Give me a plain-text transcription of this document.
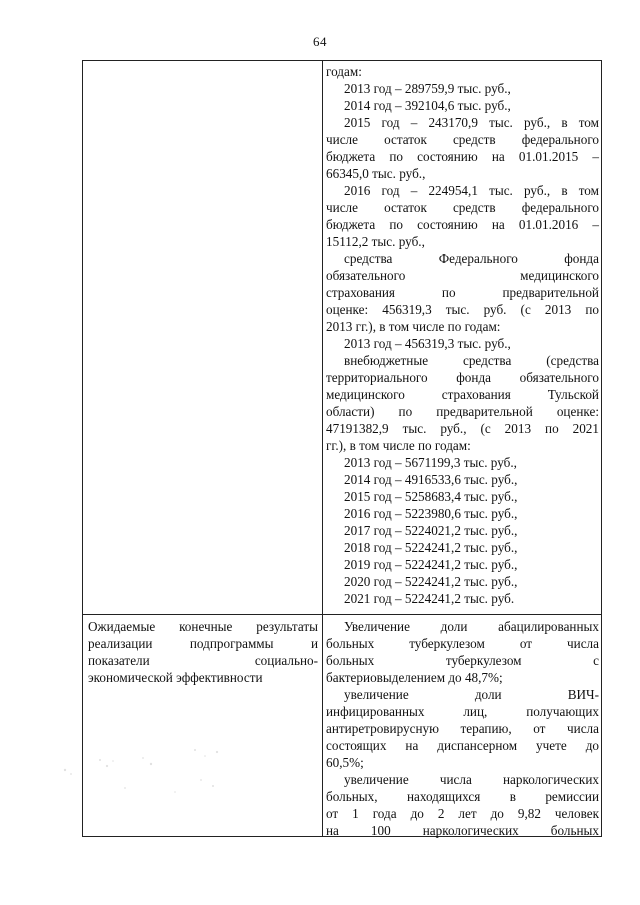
64
годам:
2013 год – 289759,9 тыс. руб.,
2014 год – 392104,6 тыс. руб.,
2015 год – 243170,9 тыс. руб., в том
числе остаток средств федерального
бюджета по состоянию на 01.01.2015 –
66345,0 тыс. руб.,
2016 год – 224954,1 тыс. руб., в том
числе остаток средств федерального
бюджета по состоянию на 01.01.2016 –
15112,2 тыс. руб.,
средства Федерального фонда
обязательного медицинского
страхования по предварительной
оценке: 456319,3 тыс. руб. (с 2013 по
2013 гг.), в том числе по годам:
2013 год – 456319,3 тыс. руб.,
внебюджетные средства (средства
территориального фонда обязательного
медицинского страхования Тульской
области) по предварительной оценке:
47191382,9 тыс. руб., (с 2013 по 2021
гг.), в том числе по годам:
2013 год – 5671199,3 тыс. руб.,
2014 год – 4916533,6 тыс. руб.,
2015 год – 5258683,4 тыс. руб.,
2016 год – 5223980,6 тыс. руб.,
2017 год – 5224021,2 тыс. руб.,
2018 год – 5224241,2 тыс. руб.,
2019 год – 5224241,2 тыс. руб.,
2020 год – 5224241,2 тыс. руб.,
2021 год – 5224241,2 тыс. руб.
Ожидаемые конечные результаты
реализации подпрограммы и
показатели социально-
экономической эффективности
Увеличение доли абацилированных
больных туберкулезом от числа
больных туберкулезом с
бактериовыделением до 48,7%;
увеличение доли ВИЧ-
инфицированных лиц, получающих
антиретровирусную терапию, от числа
состоящих на диспансерном учете до
60,5%;
увеличение числа наркологических
больных, находящихся в ремиссии
от 1 года до 2 лет до 9,82 человек
на 100 наркологических больных
